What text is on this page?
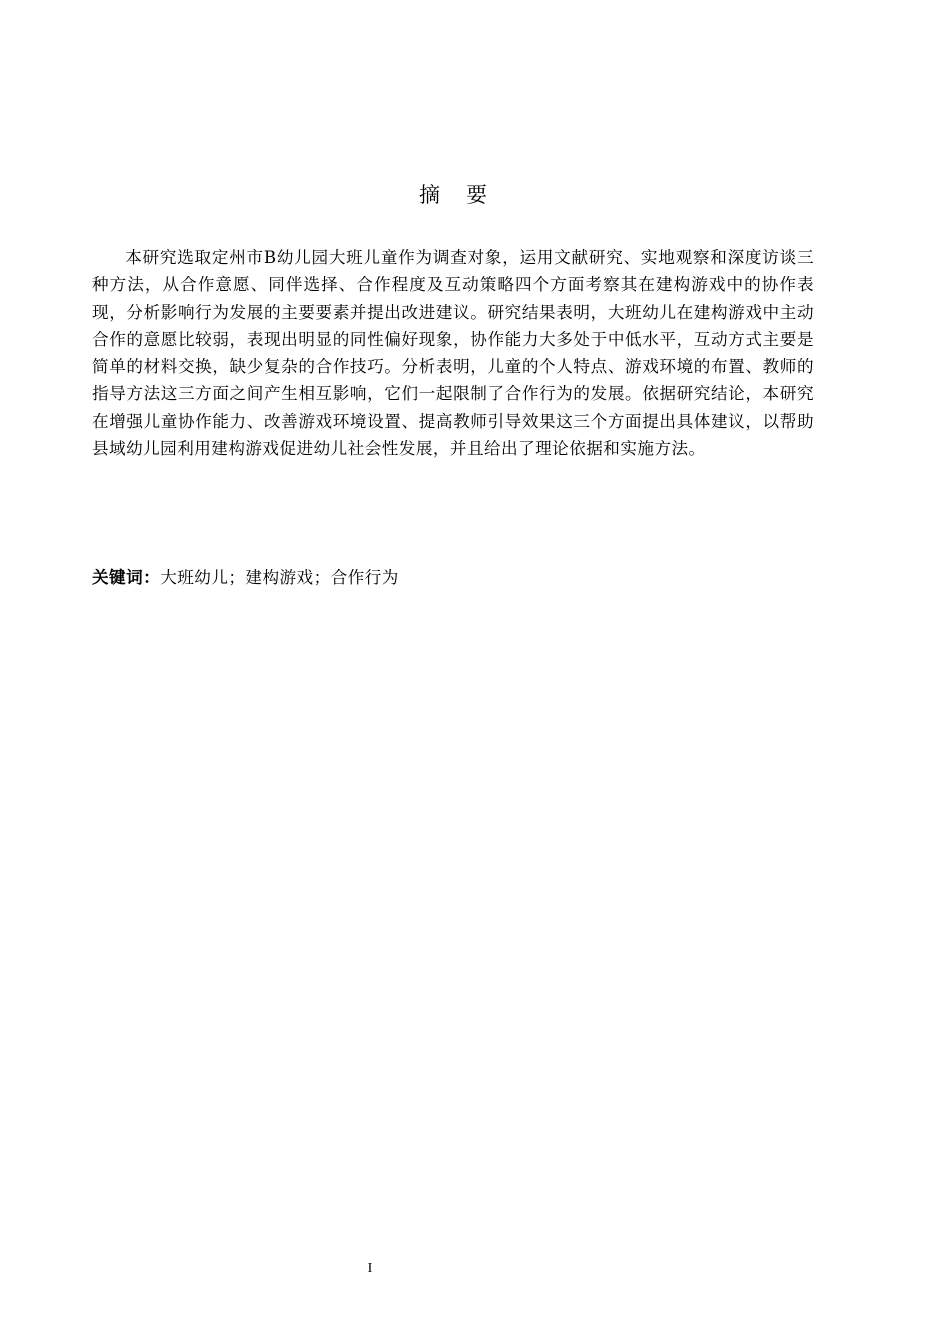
摘要

本研究选取定州市B幼儿园大班儿童作为调查对象，运用文献研究、实地观察和深度访谈三种方法，从合作意愿、同伴选择、合作程度及互动策略四个方面考察其在建构游戏中的协作表现，分析影响行为发展的主要要素并提出改进建议。研究结果表明，大班幼儿在建构游戏中主动合作的意愿比较弱，表现出明显的同性偏好现象，协作能力大多处于中低水平，互动方式主要是简单的材料交换，缺少复杂的合作技巧。分析表明，儿童的个人特点、游戏环境的布置、教师的指导方法这三方面之间产生相互影响，它们一起限制了合作行为的发展。依据研究结论，本研究在增强儿童协作能力、改善游戏环境设置、提高教师引导效果这三个方面提出具体建议，以帮助县域幼儿园利用建构游戏促进幼儿社会性发展，并且给出了理论依据和实施方法。

关键词：大班幼儿；建构游戏；合作行为
I
